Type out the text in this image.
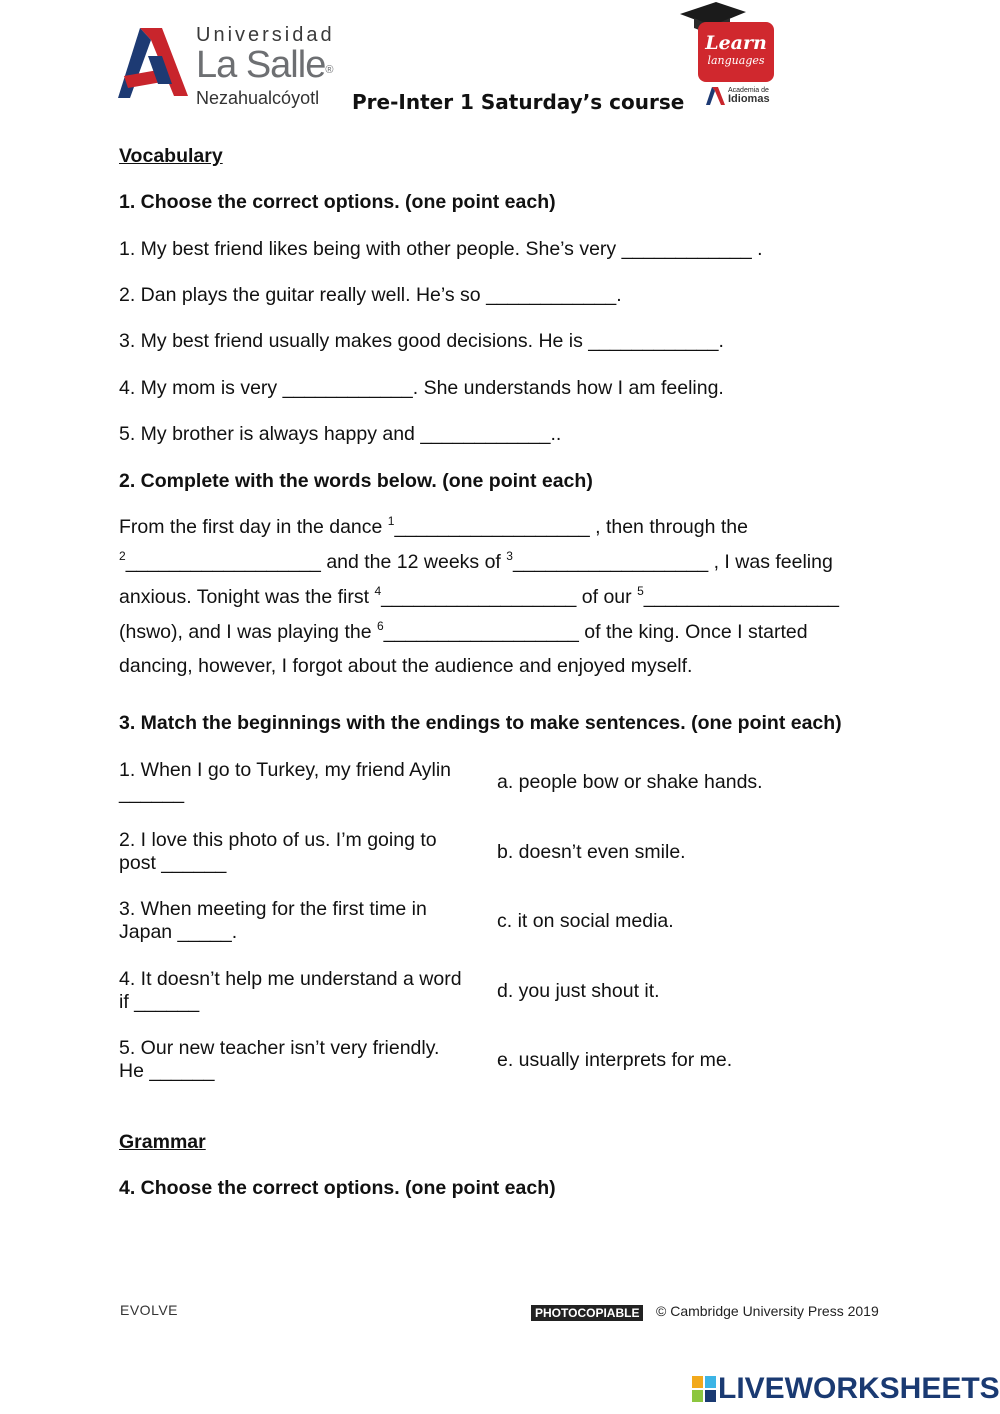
Universidad
La Salle®
Nezahualcóyotl	Pre-Inter 1 Saturday’s course
Learn
languages
Academia de
Idiomas
Vocabulary
1. Choose the correct options. (one point each)
1. My best friend likes being with other people. She’s very ____________ .
2. Dan plays the guitar really well. He’s so ____________.
3. My best friend usually makes good decisions. He is ____________.
4. My mom is very ____________. She understands how I am feeling.
5. My brother is always happy and ____________..
2. Complete with the words below. (one point each)
From the first day in the dance $^1$__________________ , then through the
$^2$__________________ and the 12 weeks of $^3$__________________ , I was feeling
anxious. Tonight was the first $^4$__________________ of our $^5$__________________
(hswo), and I was playing the $^6$__________________ of the king. Once I started
dancing, however, I forgot about the audience and enjoyed myself.
3. Match the beginnings with the endings to make sentences. (one point each)
1. When I go to Turkey, my friend Aylin ______	a. people bow or shake hands.
2. I love this photo of us. I’m going to post ______	b. doesn’t even smile.
3. When meeting for the first time in Japan _____.	c. it on social media.
4. It doesn’t help me understand a word if ______	d. you just shout it.
5. Our new teacher isn’t very friendly. He ______	e. usually interprets for me.
Grammar
4. Choose the correct options. (one point each)
EVOLVE	PHOTOCOPIABLE © Cambridge University Press 2019
LIVEWORKSHEETS
